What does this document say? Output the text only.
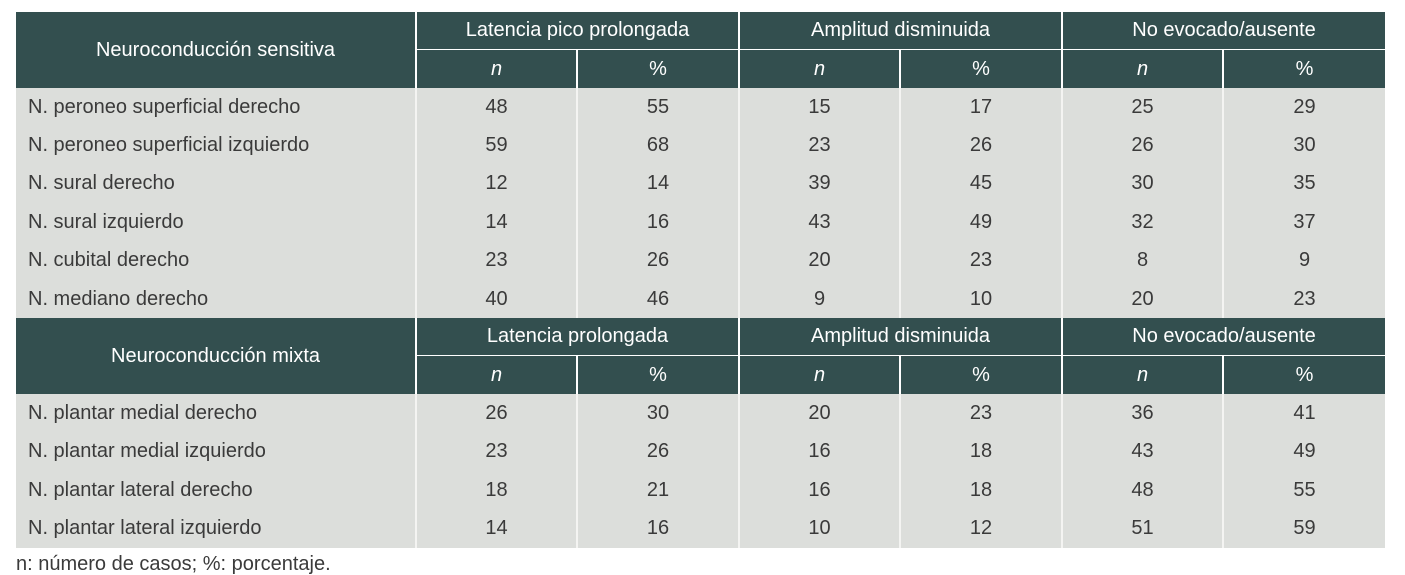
Neuroconducción sensitiva	Latencia pico prolongada		Amplitud disminuida		No evocado/ausente	
	n	%	n	%	n	%
N. peroneo superficial derecho	48	55	15	17	25	29
N. peroneo superficial izquierdo	59	68	23	26	26	30
N. sural derecho	12	14	39	45	30	35
N. sural izquierdo	14	16	43	49	32	37
N. cubital derecho	23	26	20	23	8	9
N. mediano derecho	40	46	9	10	20	23
Neuroconducción mixta	Latencia prolongada		Amplitud disminuida		No evocado/ausente	
	n	%	n	%	n	%
N. plantar medial derecho	26	30	20	23	36	41
N. plantar medial izquierdo	23	26	16	18	43	49
N. plantar lateral derecho	18	21	16	18	48	55
N. plantar lateral izquierdo	14	16	10	12	51	59
n: número de casos; %: porcentaje.
